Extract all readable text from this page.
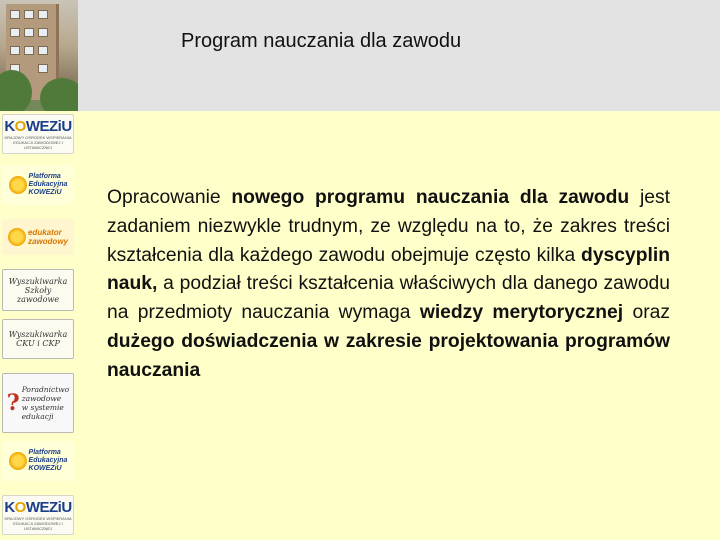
Program nauczania dla zawodu
KOWEZiU
KRAJOWY OŚRODEK WSPIERANIA EDUKACJI ZAWODOWEJ I USTAWICZNEJ
Platforma
Edukacyjna
KOWEZiU
edukator
zawodowy
Wyszukiwarka
Szkoły zawodowe
Wyszukiwarka
CKU i CKP
?
Poradnictwo
zawodowe
w systemie
edukacji
Platforma
Edukacyjna
KOWEZiU
KOWEZiU
KRAJOWY OŚRODEK WSPIERANIA EDUKACJI ZAWODOWEJ I USTAWICZNEJ
Opracowanie nowego programu nauczania dla zawodu jest zadaniem niezwykle trudnym, ze względu na to, że zakres treści kształcenia dla każdego zawodu obejmuje często kilka dyscyplin nauk, a podział treści kształcenia właściwych dla danego zawodu na przedmioty nauczania wymaga wiedzy merytorycznej oraz dużego doświadczenia w zakresie projektowania programów nauczania
